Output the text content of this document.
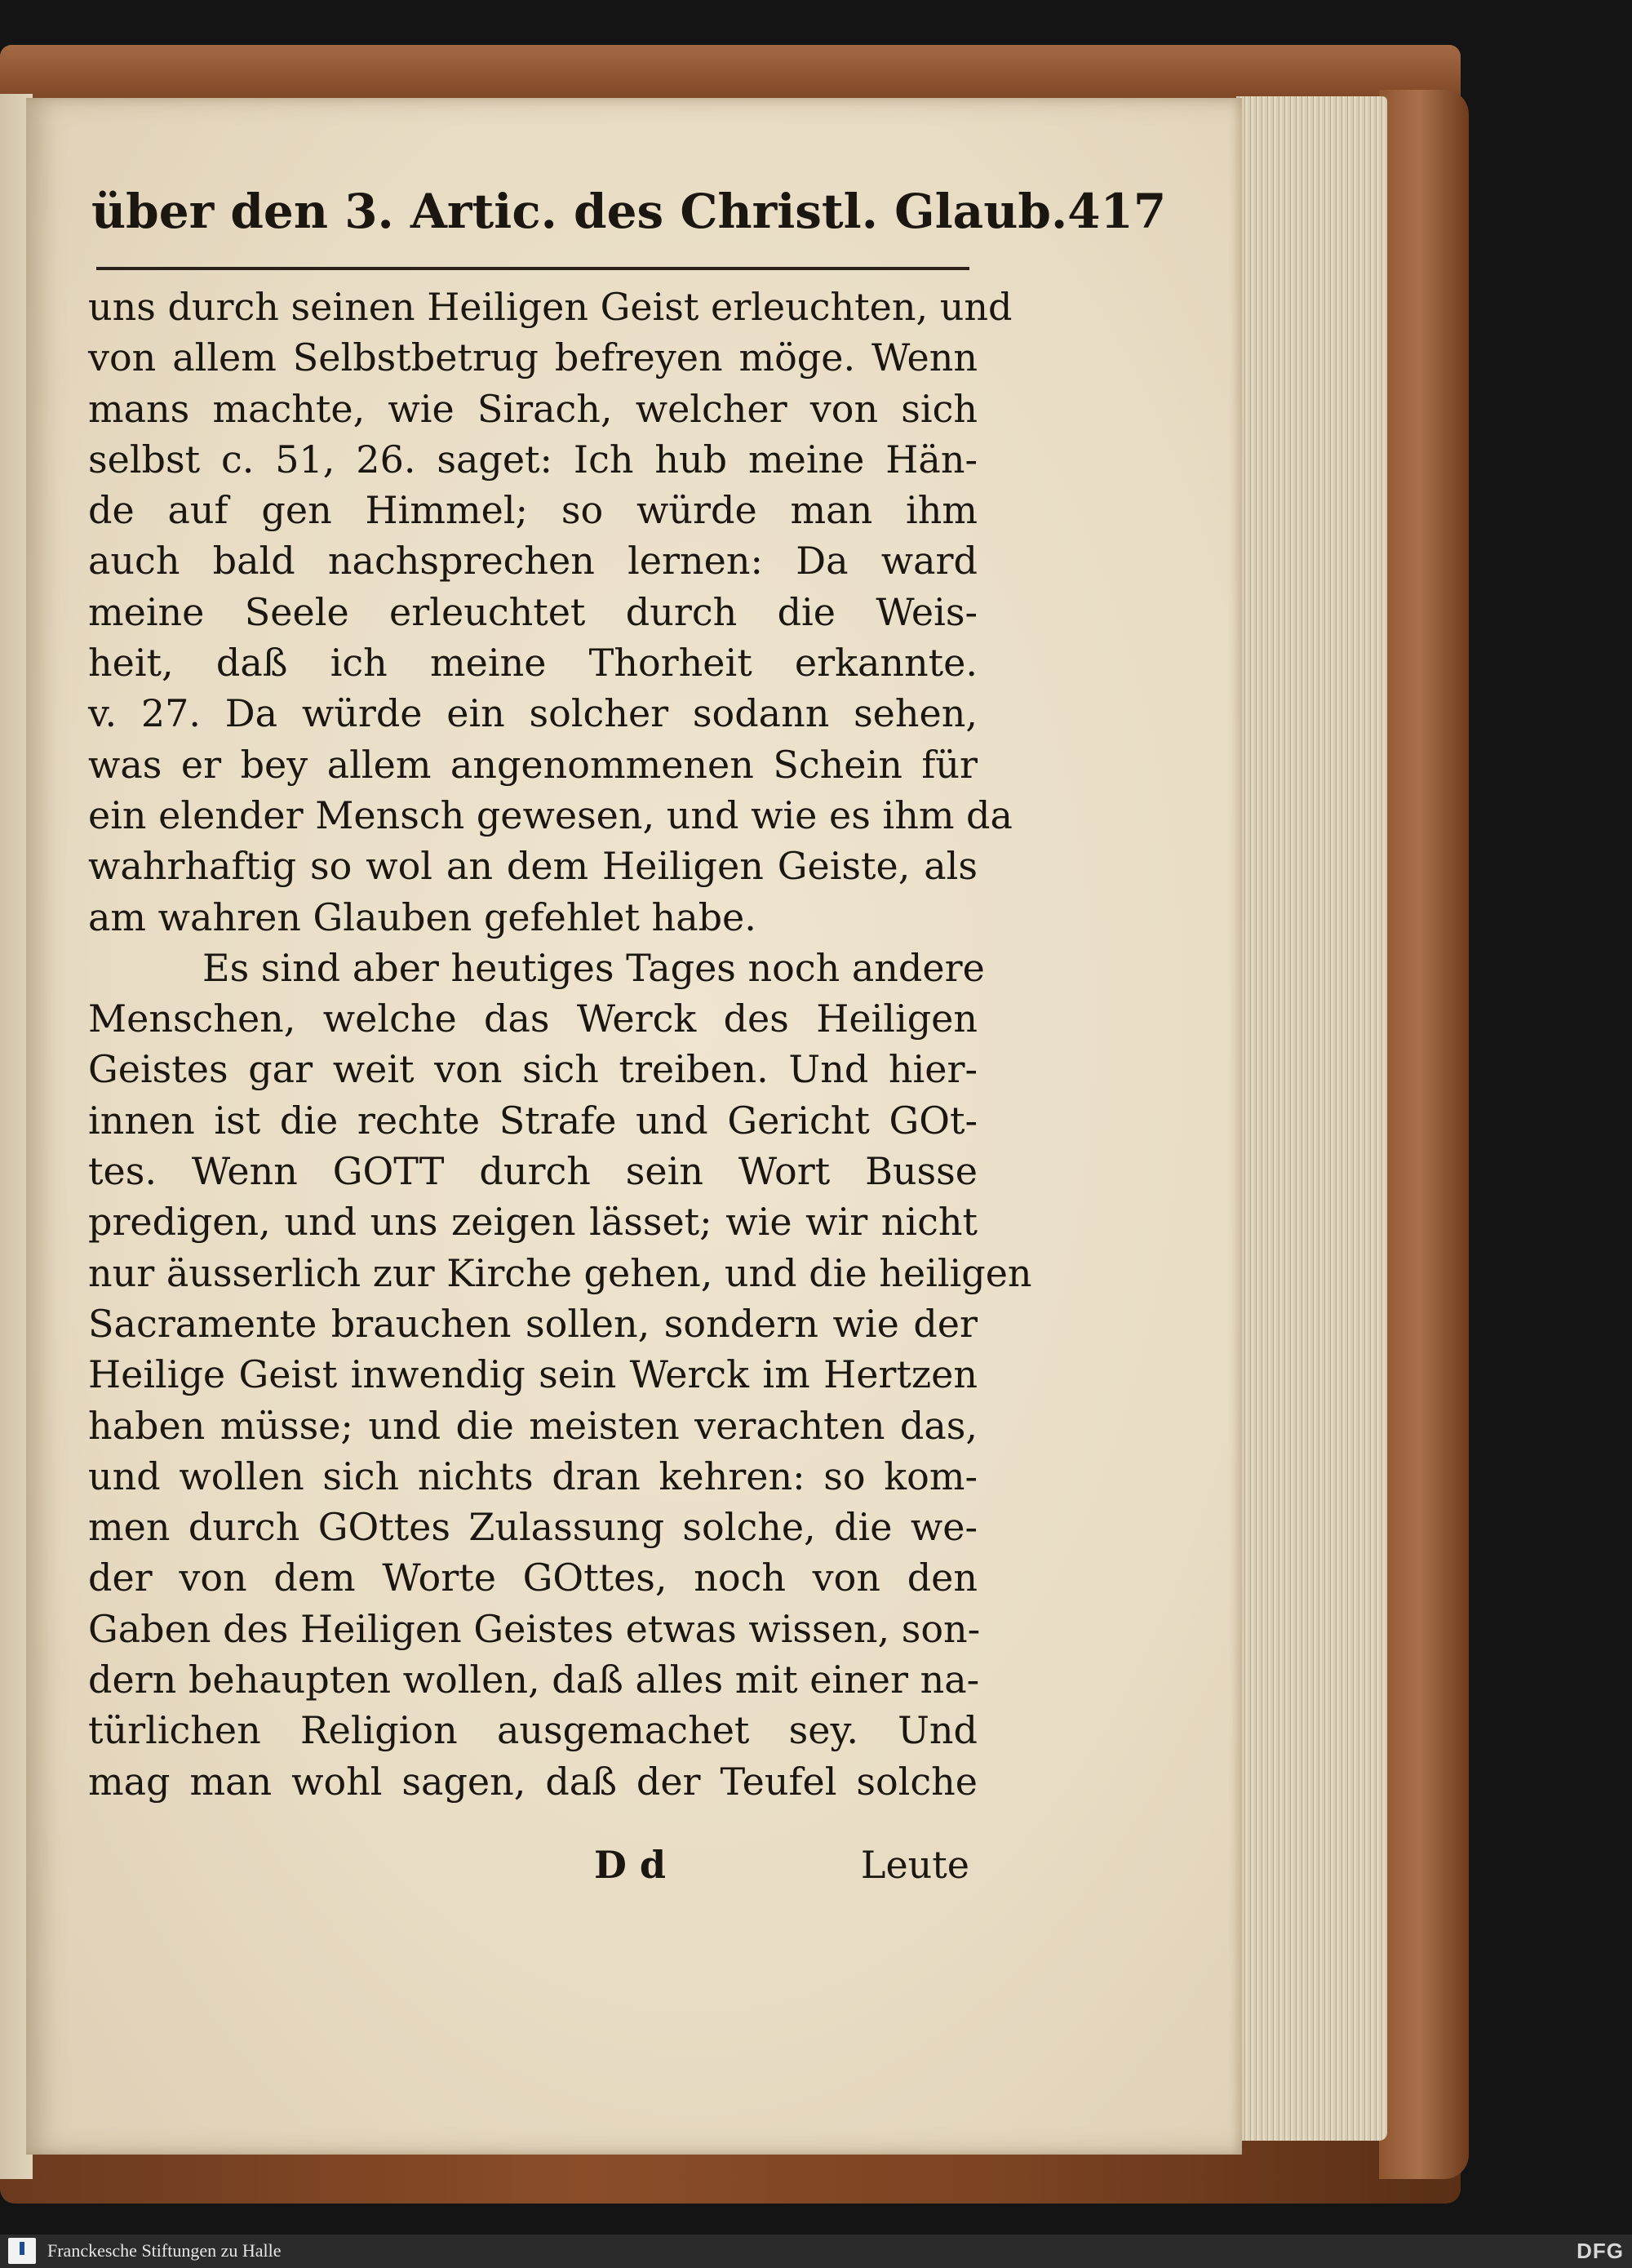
über den 3. Artic. des Christl. Glaub. 417
uns durch seinen Heiligen Geist erleuchten, und
von allem Selbstbetrug befreyen möge. Wenn
mans machte, wie Sirach, welcher von sich
selbst c. 51, 26. saget: Ich hub meine Hän-
de auf gen Himmel; so würde man ihm
auch bald nachsprechen lernen: Da ward
meine Seele erleuchtet durch die Weis-
heit, daß ich meine Thorheit erkannte.
v. 27. Da würde ein solcher sodann sehen,
was er bey allem angenommenen Schein für
ein elender Mensch gewesen, und wie es ihm da
wahrhaftig so wol an dem Heiligen Geiste, als
am wahren Glauben gefehlet habe.
Es sind aber heutiges Tages noch andere
Menschen, welche das Werck des Heiligen
Geistes gar weit von sich treiben. Und hier-
innen ist die rechte Strafe und Gericht GOt-
tes. Wenn GOTT durch sein Wort Busse
predigen, und uns zeigen lässet; wie wir nicht
nur äusserlich zur Kirche gehen, und die heiligen
Sacramente brauchen sollen, sondern wie der
Heilige Geist inwendig sein Werck im Hertzen
haben müsse; und die meisten verachten das,
und wollen sich nichts dran kehren: so kom-
men durch GOttes Zulassung solche, die we-
der von dem Worte GOttes, noch von den
Gaben des Heiligen Geistes etwas wissen, son-
dern behaupten wollen, daß alles mit einer na-
türlichen Religion ausgemachet sey. Und
mag man wohl sagen, daß der Teufel solche
D d	Leute
Franckesche Stiftungen zu Halle	DFG
